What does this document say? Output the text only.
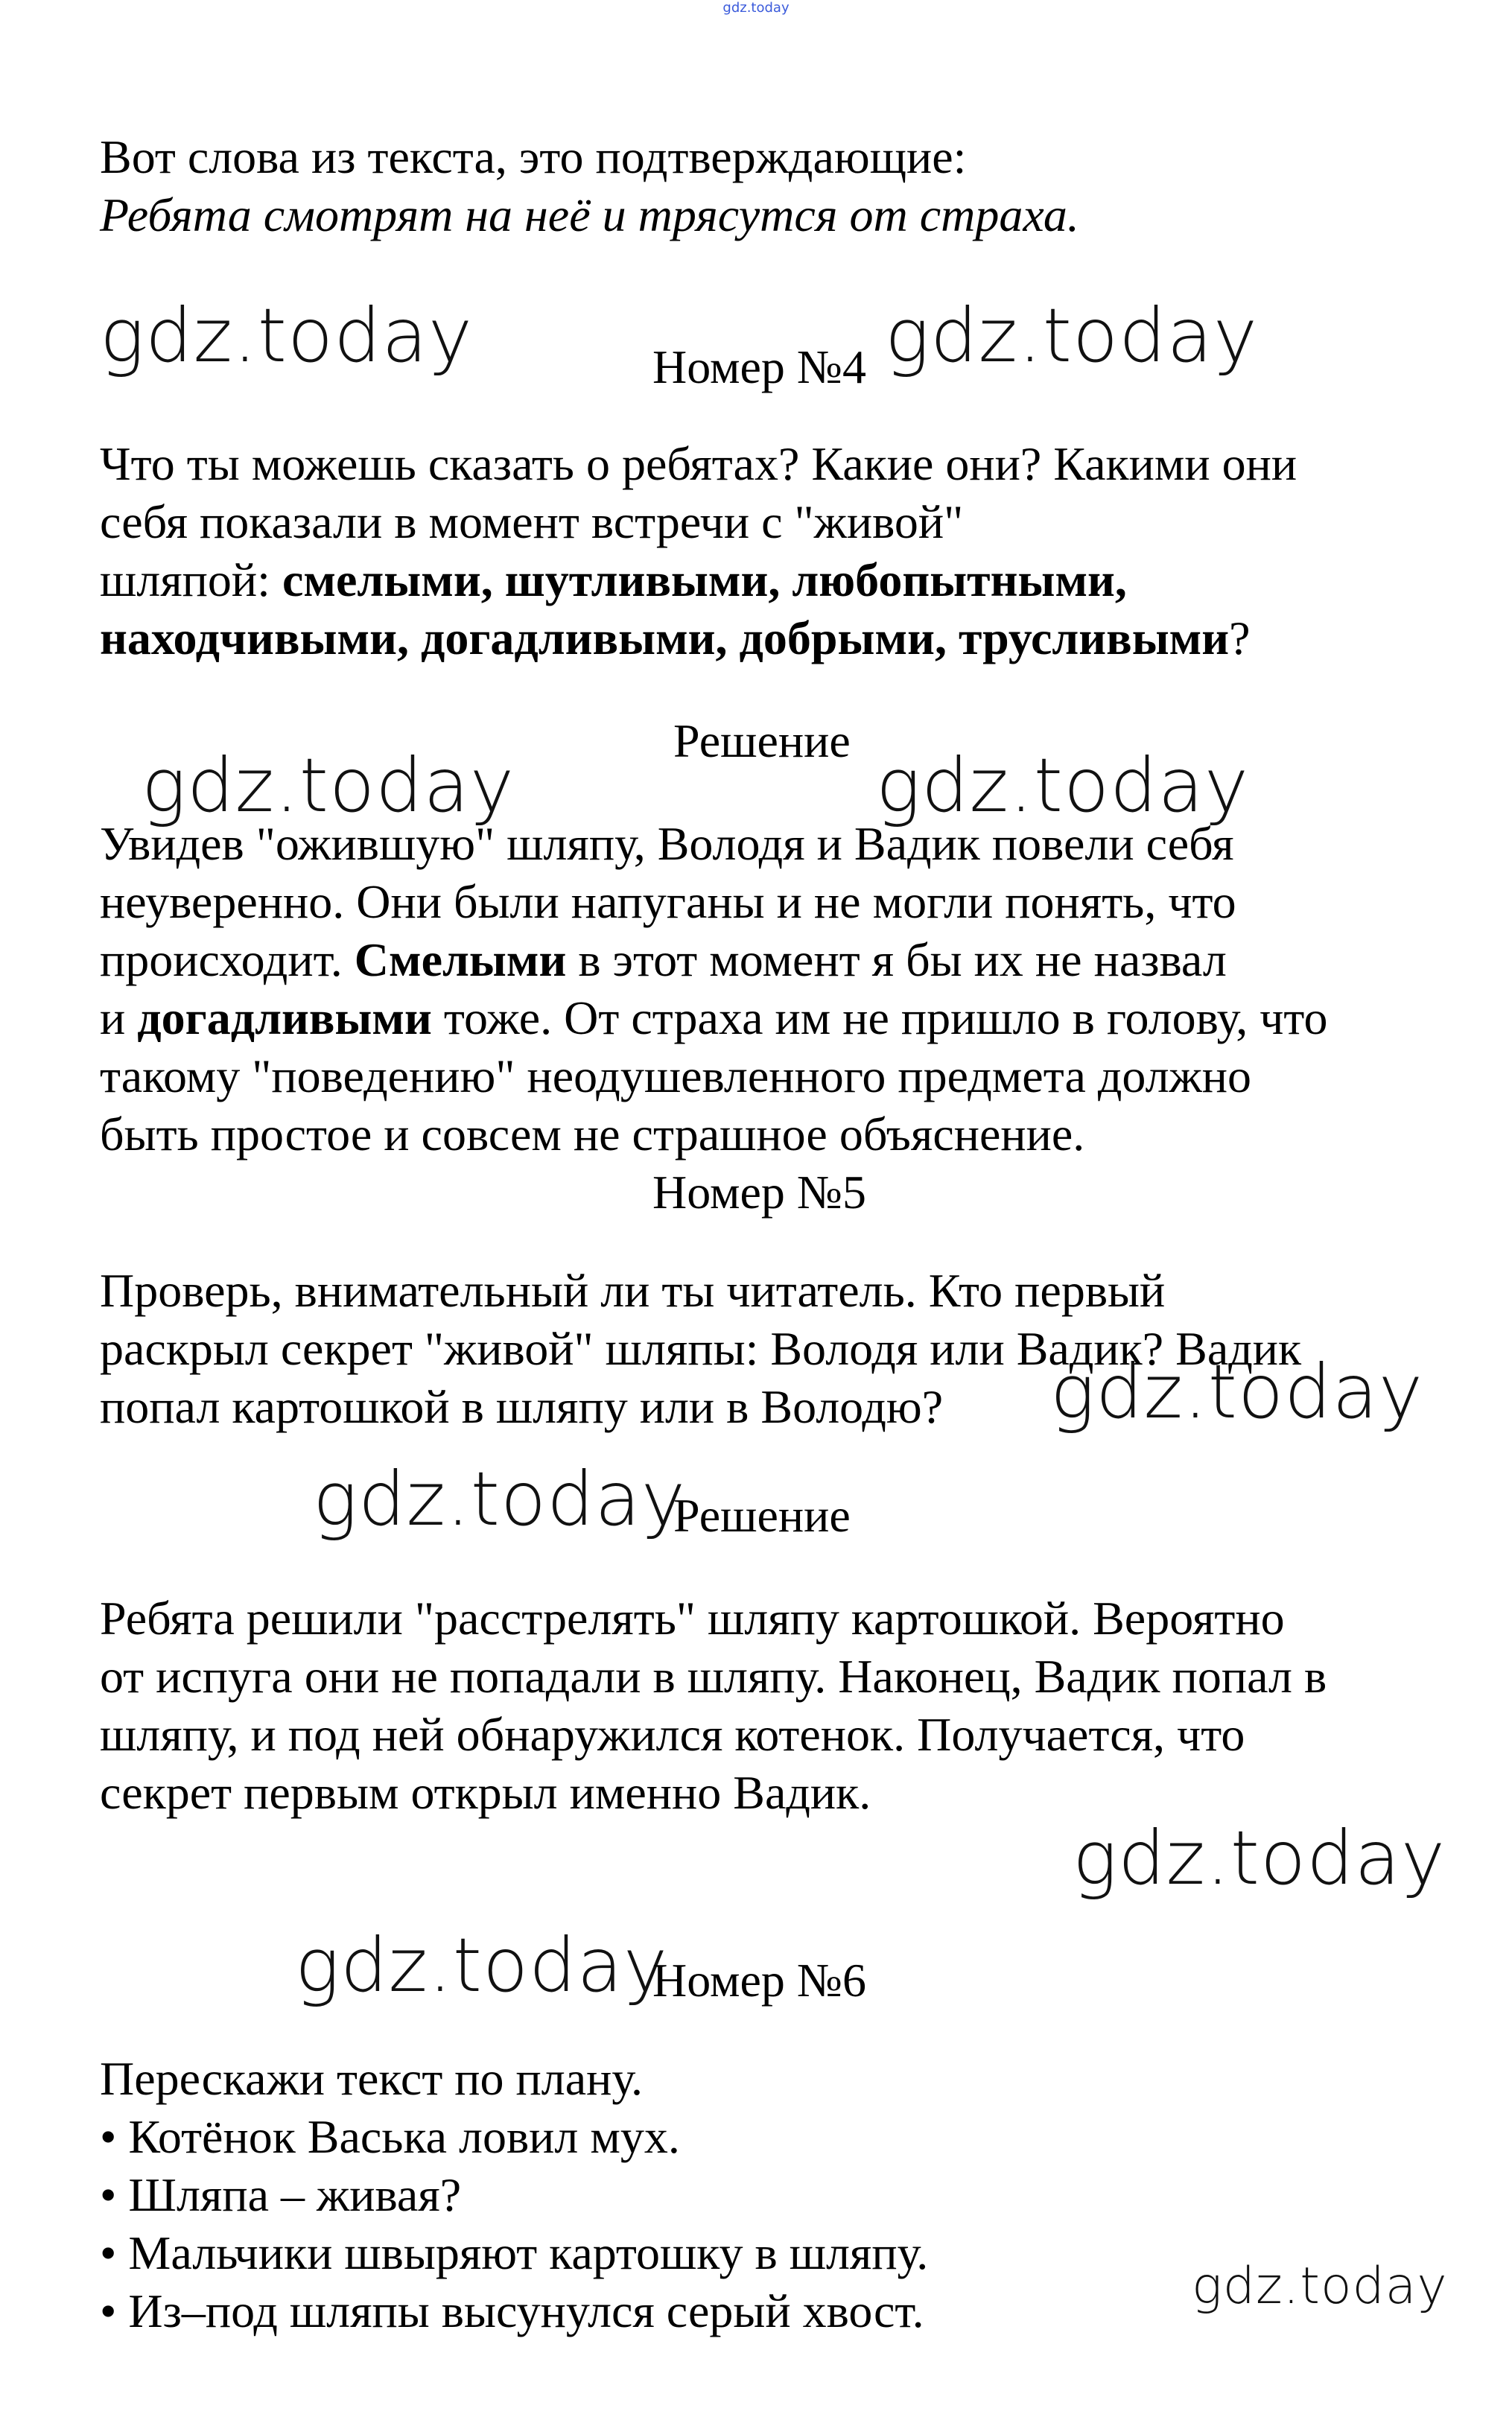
gdz.today
Вот слова из текста, это подтверждающие:
Ребята смотрят на неё и трясутся от страха.
gdz.today	Номер №4 gdz.today
Что ты можешь сказать о ребятах? Какие они? Какими они
себя показали в момент встречи с "живой"
шляпой: смелыми, шутливыми, любопытными,
находчивыми, догадливыми, добрыми, трусливыми?
Решение
gdz.today	gdz.today
Увидев "ожившую" шляпу, Володя и Вадик повели себя
неуверенно. Они были напуганы и не могли понять, что
происходит. Смелыми в этот момент я бы их не назвал
и догадливыми тоже. От страха им не пришло в голову, что
такому "поведению" неодушевленного предмета должно
быть простое и совсем не страшное объяснение.
Номер №5
Проверь, внимательный ли ты читатель. Кто первый
раскрыл секрет "живой" шляпы: Володя или Вадик? Вадик
попал картошкой в шляпу или в Володю? gdz.today
gdz.today
Решение
Ребята решили "расстрелять" шляпу картошкой. Вероятно
от испуга они не попадали в шляпу. Наконец, Вадик попал в
шляпу, и под ней обнаружился котенок. Получается, что
секрет первым открыл именно Вадик.
gdz.today
gdz.today
Номер №6
Перескажи текст по плану.
• Котёнок Васька ловил мух.
• Шляпа – живая?
• Мальчики швыряют картошку в шляпу.
• Из–под шляпы высунулся серый хвост.	gdz.today
